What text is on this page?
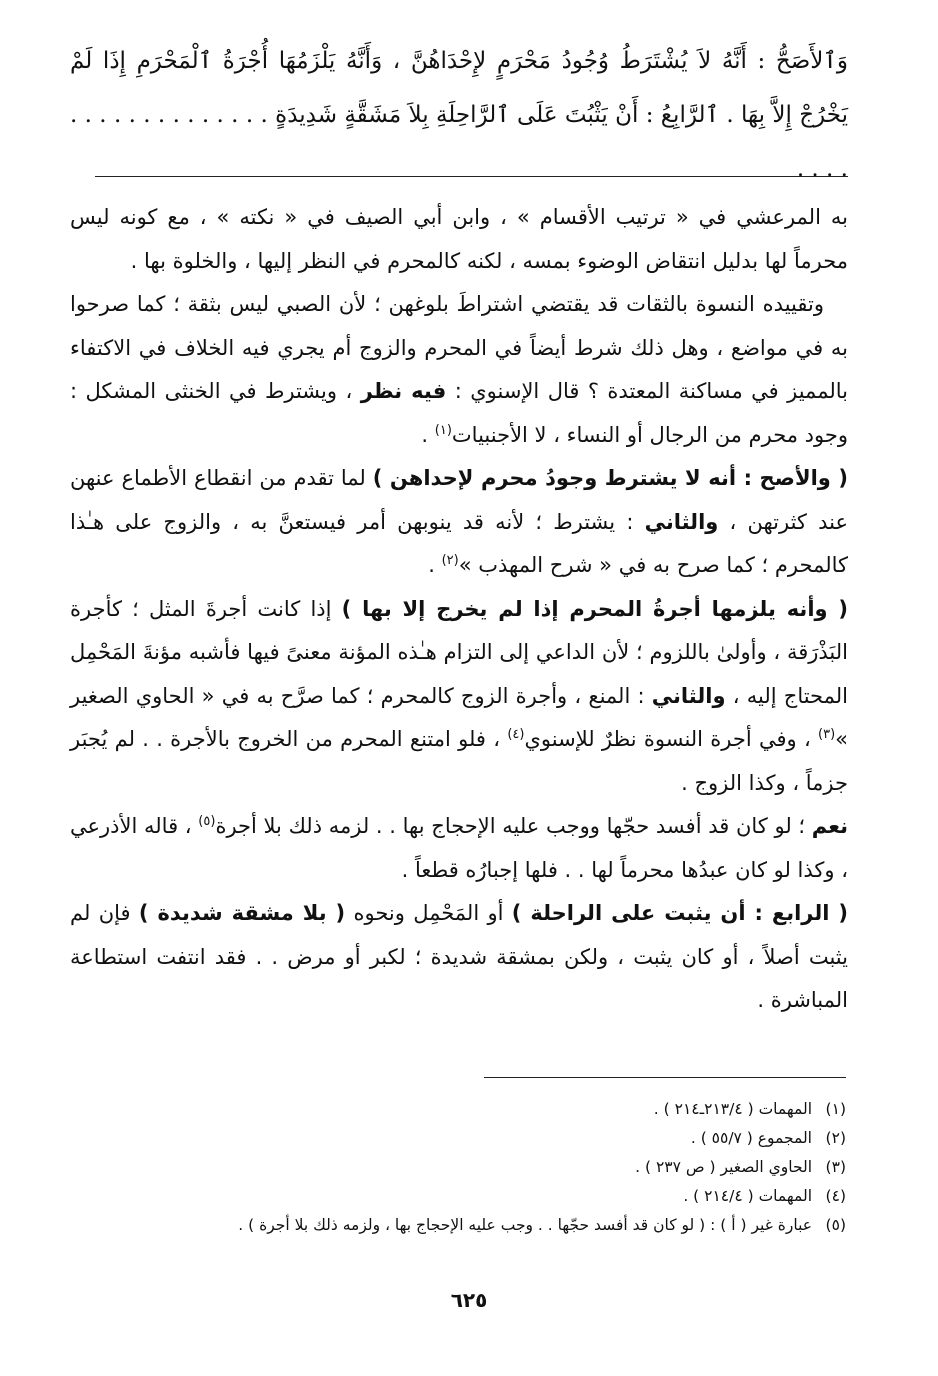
وَٱلأَصَحُّ : أَنَّهُ لاَ يُشْتَرَطُ وُجُودُ مَحْرَمٍ لإِحْدَاهُنَّ ، وَأَنَّهُ يَلْزَمُهَا أُجْرَةُ ٱلْمَحْرَمِ إِذَا لَمْ يَخْرُجْ إِلاَّ بِهَا . ٱلرَّابِعُ : أَنْ يَثْبُتَ عَلَى ٱلرَّاحِلَةِ بِلاَ مَشَقَّةٍ شَدِيدَةٍ . . . . . . . . . . . . . . . . . .

به المرعشي في « ترتيب الأقسام » ، وابن أبي الصيف في « نكته » ، مع كونه ليس محرماً لها بدليل انتقاض الوضوء بمسه ، لكنه كالمحرم في النظر إليها ، والخلوة بها .

وتقييده النسوة بالثقات قد يقتضي اشتراطَ بلوغهن ؛ لأن الصبي ليس بثقة ؛ كما صرحوا به في مواضع ، وهل ذلك شرط أيضاً في المحرم والزوج أم يجري فيه الخلاف في الاكتفاء بالمميز في مساكنة المعتدة ؟ قال الإسنوي : فيه نظر ، ويشترط في الخنثى المشكل : وجود محرم من الرجال أو النساء ، لا الأجنبيات$^{(١)}$ .

( والأصح : أنه لا يشترط وجودُ محرم لإحداهن ) لما تقدم من انقطاع الأطماع عنهن عند كثرتهن ، والثاني : يشترط ؛ لأنه قد ينوبهن أمر فيستعنَّ به ، والزوج على هـٰذا كالمحرم ؛ كما صرح به في « شرح المهذب »$^{(٢)}$ .

( وأنه يلزمها أجرةُ المحرم إذا لم يخرج إلا بها ) إذا كانت أجرةَ المثل ؛ كأجرة البَذْرَقة ، وأولىٰ باللزوم ؛ لأن الداعي إلى التزام هـٰذه المؤنة معنىً فيها فأشبه مؤنةَ المَحْمِل المحتاج إليه ، والثاني : المنع ، وأجرة الزوج كالمحرم ؛ كما صرَّح به في « الحاوي الصغير »$^{(٣)}$ ، وفي أجرة النسوة نظرٌ للإسنوي$^{(٤)}$ ، فلو امتنع المحرم من الخروج بالأجرة . . لم يُجبَر جزماً ، وكذا الزوج .

نعم ؛ لو كان قد أفسد حجّها ووجب عليه الإحجاج بها . . لزمه ذلك بلا أجرة$^{(٥)}$ ، قاله الأذرعي ، وكذا لو كان عبدُها محرماً لها . . فلها إجبارُه قطعاً .

( الرابع : أن يثبت على الراحلة ) أو المَحْمِل ونحوه ( بلا مشقة شديدة ) فإن لم يثبت أصلاً ، أو كان يثبت ، ولكن بمشقة شديدة ؛ لكبر أو مرض . . فقد انتفت استطاعة المباشرة .

(١)المهمات ( ٢١٣/٤ـ٢١٤ ) .
(٢)المجموع ( ٥٥/٧ ) .
(٣)الحاوي الصغير ( ص ٢٣٧ ) .
(٤)المهمات ( ٢١٤/٤ ) .
(٥)عبارة غير ( أ ) : ( لو كان قد أفسد حجّها . . وجب عليه الإحجاج بها ، ولزمه ذلك بلا أجرة ) .
٦٢٥
